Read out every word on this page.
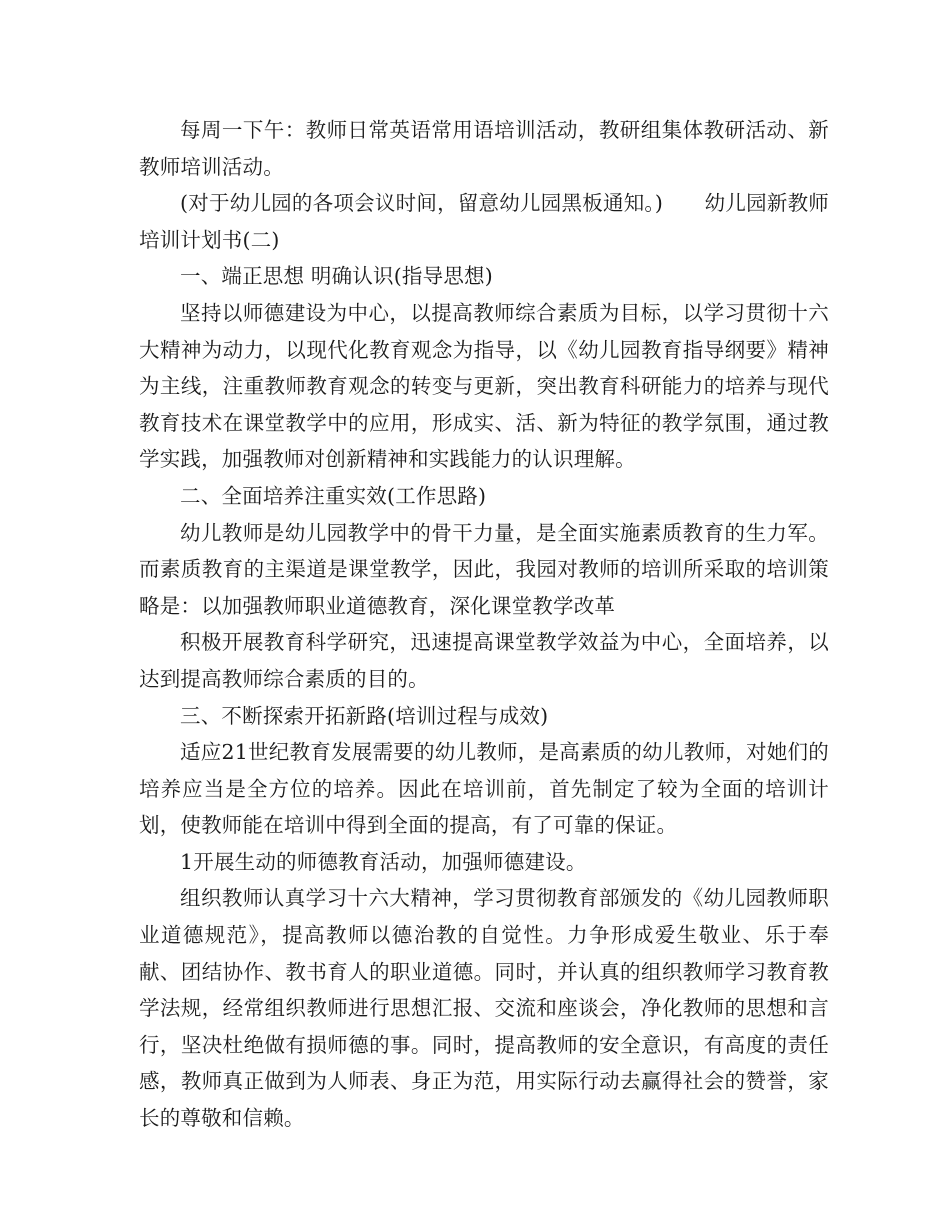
每周一下午：教师日常英语常用语培训活动，教研组集体教研活动、新教师培训活动。

(对于幼儿园的各项会议时间，留意幼儿园黑板通知。)　　幼儿园新教师培训计划书(二)

一、端正思想 明确认识(指导思想)

坚持以师德建设为中心，以提高教师综合素质为目标，以学习贯彻十六大精神为动力，以现代化教育观念为指导，以《幼儿园教育指导纲要》精神为主线，注重教师教育观念的转变与更新，突出教育科研能力的培养与现代教育技术在课堂教学中的应用，形成实、活、新为特征的教学氛围，通过教学实践，加强教师对创新精神和实践能力的认识理解。

二、全面培养注重实效(工作思路)

幼儿教师是幼儿园教学中的骨干力量，是全面实施素质教育的生力军。而素质教育的主渠道是课堂教学，因此，我园对教师的培训所采取的培训策略是：以加强教师职业道德教育，深化课堂教学改革

积极开展教育科学研究，迅速提高课堂教学效益为中心，全面培养，以达到提高教师综合素质的目的。

三、不断探索开拓新路(培训过程与成效)

适应21世纪教育发展需要的幼儿教师，是高素质的幼儿教师，对她们的培养应当是全方位的培养。因此在培训前，首先制定了较为全面的培训计划，使教师能在培训中得到全面的提高，有了可靠的保证。

1开展生动的师德教育活动，加强师德建设。

组织教师认真学习十六大精神，学习贯彻教育部颁发的《幼儿园教师职业道德规范》，提高教师以德治教的自觉性。力争形成爱生敬业、乐于奉献、团结协作、教书育人的职业道德。同时，并认真的组织教师学习教育教学法规，经常组织教师进行思想汇报、交流和座谈会，净化教师的思想和言行，坚决杜绝做有损师德的事。同时，提高教师的安全意识，有高度的责任感，教师真正做到为人师表、身正为范，用实际行动去赢得社会的赞誉，家长的尊敬和信赖。
